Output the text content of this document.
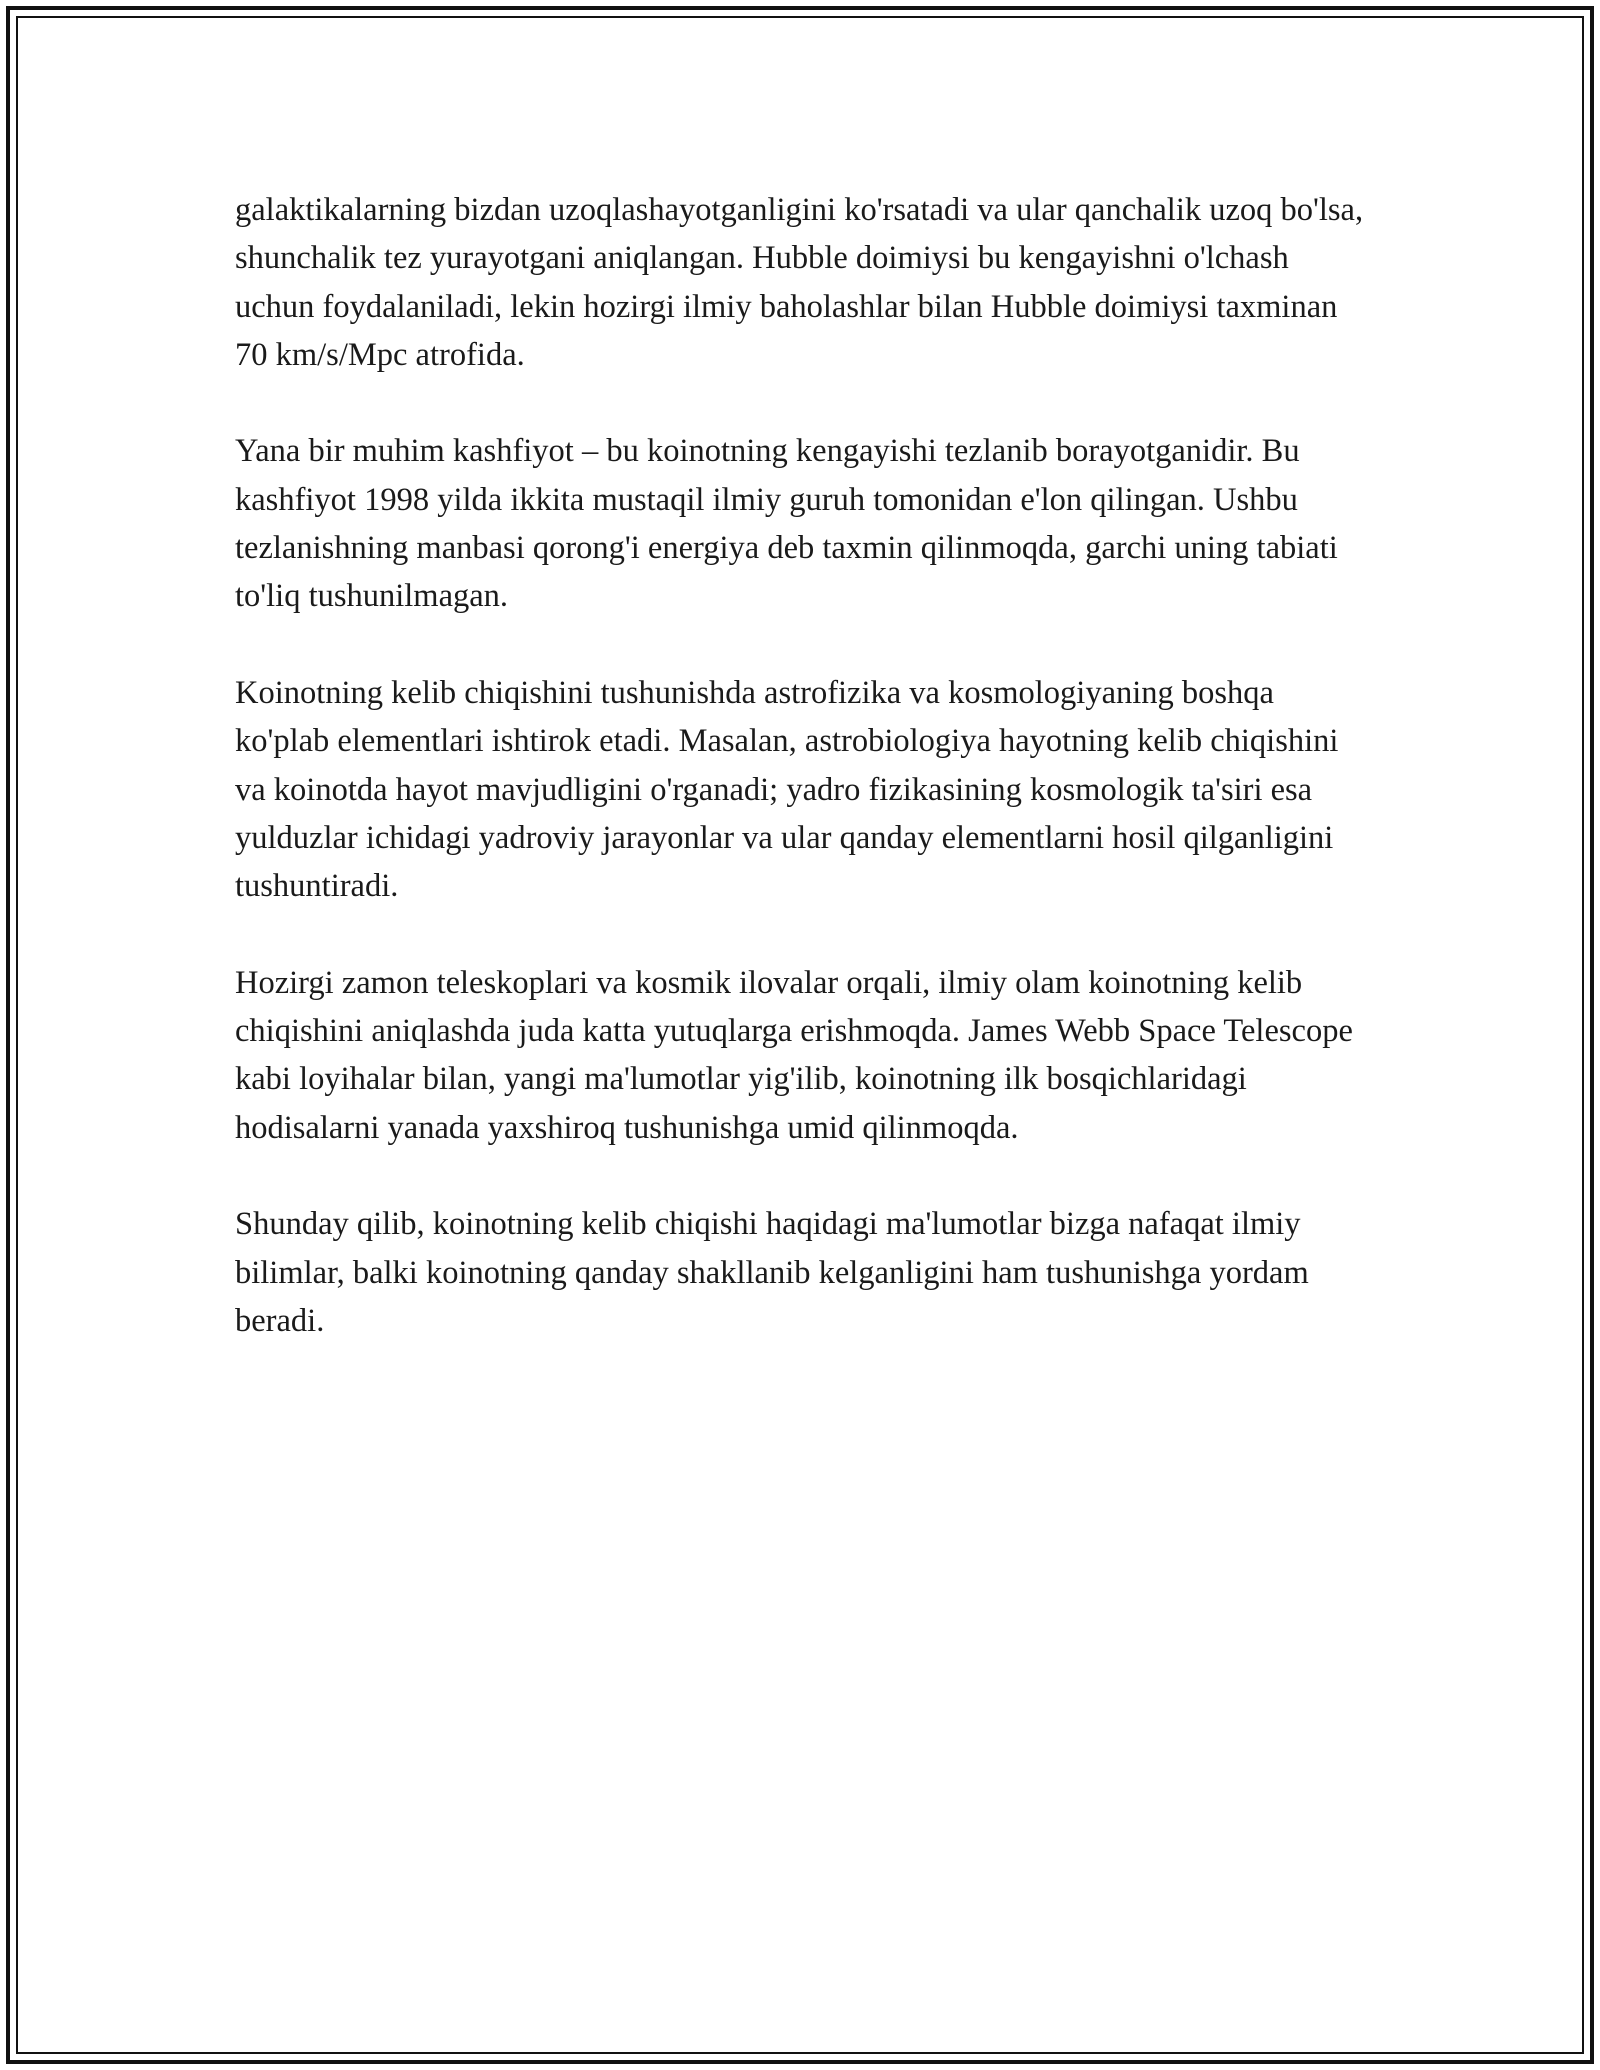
galaktikalarning bizdan uzoqlashayotganligini ko'rsatadi va ular qanchalik uzoq bo'lsa, shunchalik tez yurayotgani aniqlangan. Hubble doimiysi bu kengayishni o'lchash uchun foydalaniladi, lekin hozirgi ilmiy baholashlar bilan Hubble doimiysi taxminan 70 km/s/Mpc atrofida.

Yana bir muhim kashfiyot – bu koinotning kengayishi tezlanib borayotganidir. Bu kashfiyot 1998 yilda ikkita mustaqil ilmiy guruh tomonidan e'lon qilingan. Ushbu tezlanishning manbasi qorong'i energiya deb taxmin qilinmoqda, garchi uning tabiati to'liq tushunilmagan.

Koinotning kelib chiqishini tushunishda astrofizika va kosmologiyaning boshqa ko'plab elementlari ishtirok etadi. Masalan, astrobiologiya hayotning kelib chiqishini va koinotda hayot mavjudligini o'rganadi; yadro fizikasining kosmologik ta'siri esa yulduzlar ichidagi yadroviy jarayonlar va ular qanday elementlarni hosil qilganligini tushuntiradi.

Hozirgi zamon teleskoplari va kosmik ilovalar orqali, ilmiy olam koinotning kelib chiqishini aniqlashda juda katta yutuqlarga erishmoqda. James Webb Space Telescope kabi loyihalar bilan, yangi ma'lumotlar yig'ilib, koinotning ilk bosqichlaridagi hodisalarni yanada yaxshiroq tushunishga umid qilinmoqda.

Shunday qilib, koinotning kelib chiqishi haqidagi ma'lumotlar bizga nafaqat ilmiy bilimlar, balki koinotning qanday shakllanib kelganligini ham tushunishga yordam beradi.
